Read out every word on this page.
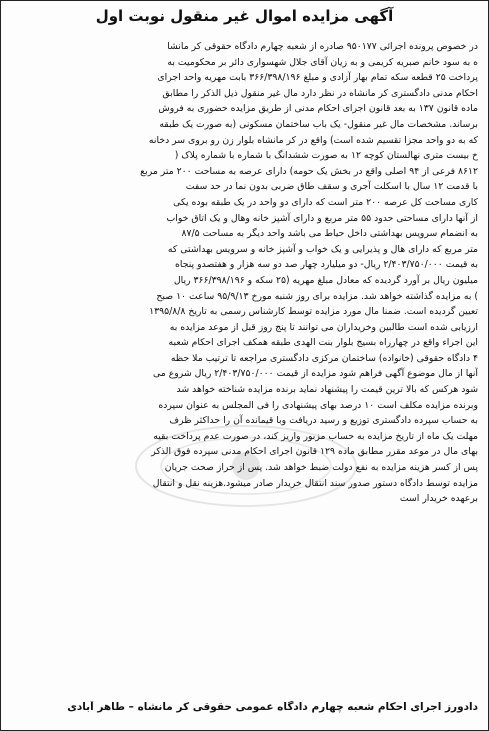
آگهی مزایده اموال غیر منقول نوبت اول
در خصوص پرونده اجرائی ۹۵۰۱۷۷ صادره از شعبه چهارم دادگاه حقوقی کر مانشا
ه به سود خانم صبریه کریمی و به زیان آقای جلال شهسواری دائر بر محکومیت به
پرداخت ۲۵ قطعه سکه تمام بهار آزادی و مبلغ ۳۶۶/۳۹۸/۱۹۶ بابت مهریه واحد اجرای
احکام مدنی دادگستری کر مانشاه در نظر دارد مال غیر منقول ذیل الذکر را مطابق
ماده قانون ۱۳۷ به بعد قانون اجرای احکام مدنی از طریق مزایده حضوری به فروش
برساند. مشخصات مال غیر منقول- یک باب ساختمان مسکونی (به صورت یک طبقه
که به دو واحد مجزا تقسیم شده است) واقع در کر مانشاه بلوار زن رو بروی سر دخانه
خ بیست متری نهالستان کوچه ۱۲ به صورت ششدانگ با شماره با شماره پلاک (
۸۶۱۲ فرعی از ۹۴ اصلی واقع در بخش یک حومه) دارای عرصه به مساحت ۲۰۰ متر مربع
با قدمت ۱۲ سال با اسکلت آجری و سقف طاق ضربی بدون نما در حد سفت
کاری مساحت کل عرصه ۲۰۰ متر است که دارای دو واحد در یک طبقه بوده یکی
از آنها دارای مساحتی حدود ۵۵ متر مربع و دارای آشپز خانه وهال و یک اتاق خواب
به انضمام سرویس بهداشتی داخل حیاط می باشد واحد دیگر به مساحت ۸۷/۵
متر مربع که دارای هال و پذیرایی و یک خواب و آشپز خانه و سرویس بهداشتی که
به قیمت ۲/۴۰۳/۷۵۰/۰۰۰ ریال- دو میلیارد چهار صد دو سه هزار و هفتصدو پنجاه
میلیون ریال بر آورد گردیده که معادل مبلغ مهریه (۲۵ سکه و ۳۶۶/۳۹۸/۱۹۶ ریال
) به مزایده گذاشته خواهد شد. مزایده برای روز شنبه مورخ ۹۵/۹/۱۳ ساعت ۱۰ صبح
تعیین گردیده است. ضمنا مال مورد مزایده توسط کارشناس رسمی به تاریخ ۱۳۹۵/۸/۸
ارزیابی شده است طالبین وخریداران می توانند تا پنج روز قبل از موعد مزایده به
این اجراء واقع در چهارراه بسیج بلوار بنت الهدی طبقه همکف اجرای احکام شعبه
۴ دادگاه حقوقی (خانواده) ساختمان مرکزی دادگستری مراجعه تا ترتیب ملا حظه
آنها از مال موضوع آگهی فراهم شود مزایده از قیمت ۲/۴۰۳/۷۵۰/۰۰۰ ریال شروع می
شود هرکس که بالا ترین قیمت را پیشنهاد نماید برنده مزایده شناخته خواهد شد
وبرنده مزایده مکلف است ۱۰ درصد بهای پیشنهادی را فی المجلس به عنوان سپرده
به حساب سپرده دادگستری توزیع و رسید دریافت وبا قیمانده آن را حداکثر ظرف
مهلت یک ماه از تاریخ مزایده به حساب مزبور واریز کند، در صورت عدم پرداخت بقیه
بهای مال در موعد مقرر مطابق ماده ۱۲۹ قانون اجرای احکام مدنی سپرده فوق الذکر
پس از کسر هزینه مزایده به نفع دولت ضبط خواهد شد. پس از حراز صحت جریان
مزایده توسط دادگاه دستور صدور سند انتقال خریدار صادر میشود.هزینه نقل و انتقال
برعهده خریدار است
دادورز اجرای احکام شعبه چهارم دادگاه عمومی حقوقی کر مانشاه – طاهر آبادی
